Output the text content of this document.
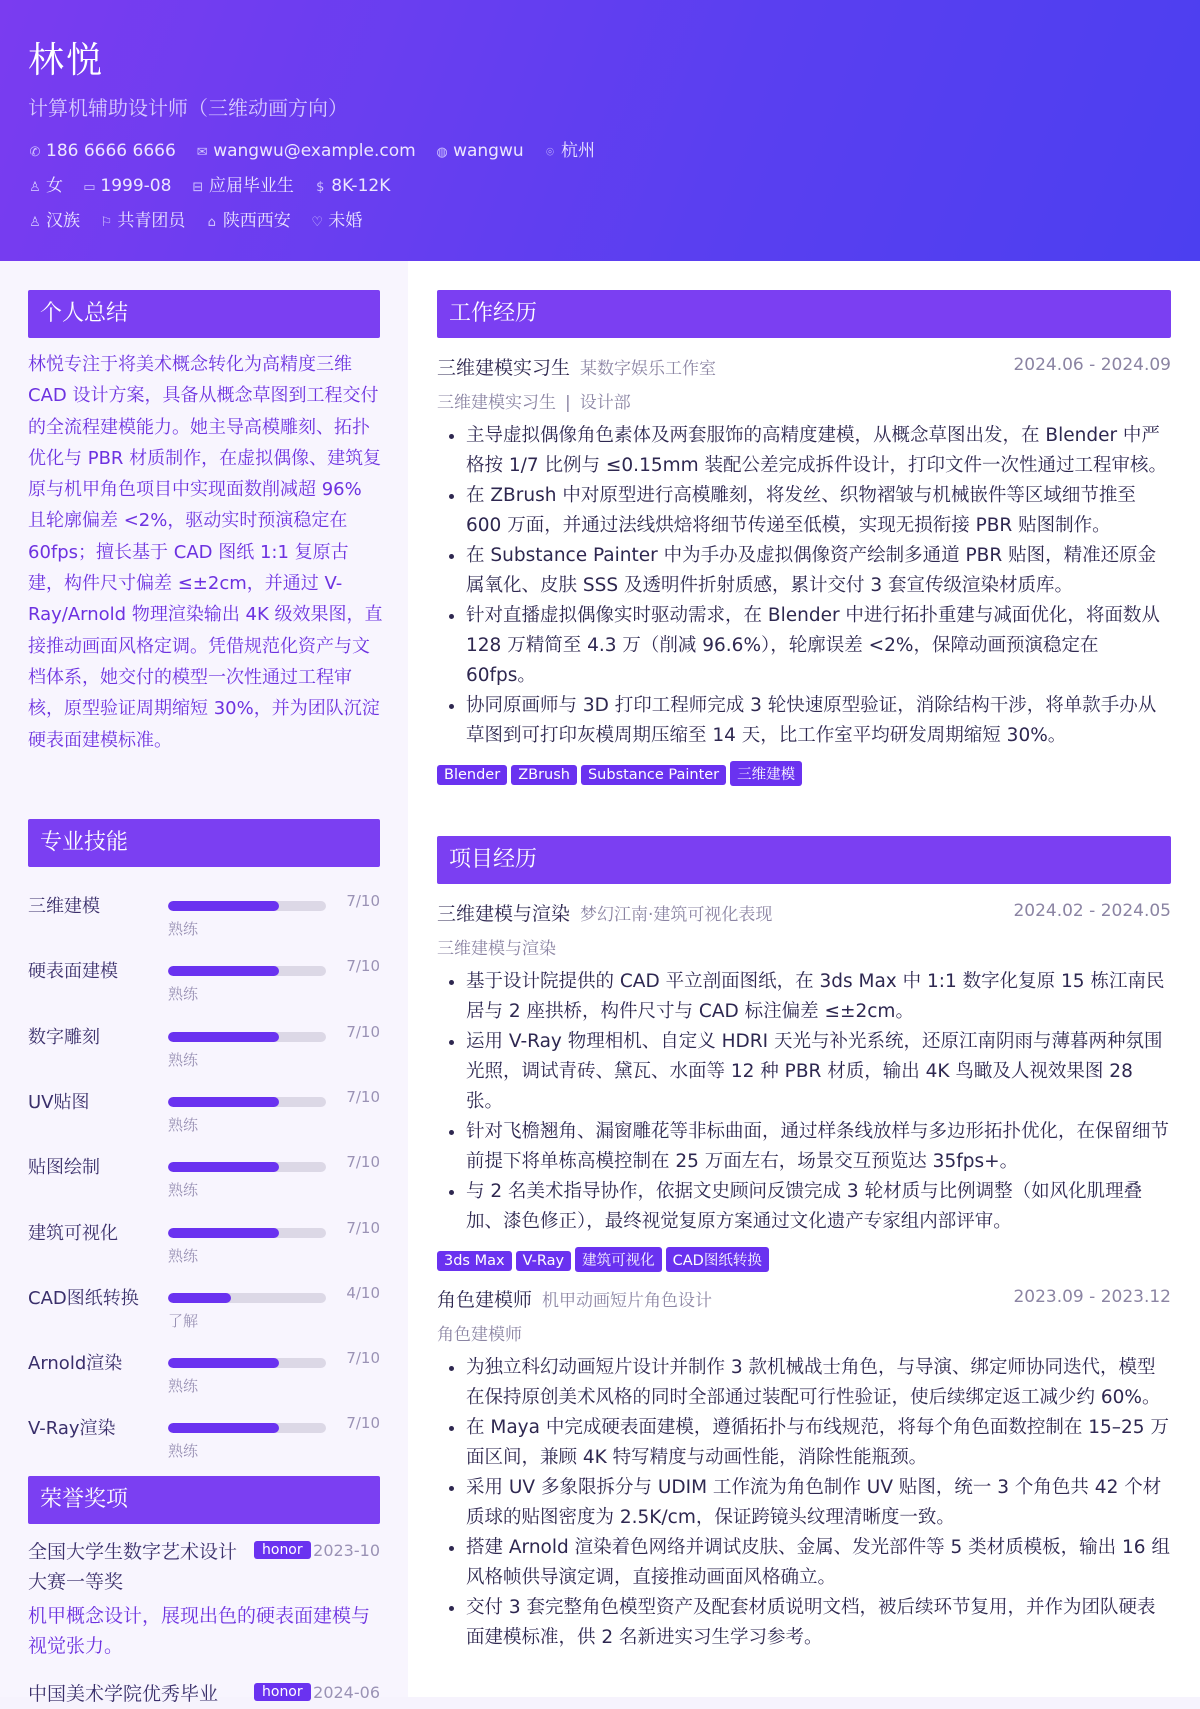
林悦
计算机辅助设计师（三维动画方向）
✆ 186 6666 6666 ✉ wangwu@example.com ◍ wangwu ⌾ 杭州
♙ 女 ▭ 1999-08 ⊟ 应届毕业生 $ 8K-12K
♙ 汉族 ⚐ 共青团员 ⌂ 陕西西安 ♡ 未婚
个人总结
林悦专注于将美术概念转化为高精度三维 CAD 设计方案，具备从概念草图到工程交付的全流程建模能力。她主导高模雕刻、拓扑优化与 PBR 材质制作，在虚拟偶像、建筑复原与机甲角色项目中实现面数削减超 96% 且轮廓偏差 <2%，驱动实时预演稳定在 60fps；擅长基于 CAD 图纸 1:1 复原古建，构件尺寸偏差 ≤±2cm，并通过 V-Ray/Arnold 物理渲染输出 4K 级效果图，直接推动画面风格定调。凭借规范化资产与文档体系，她交付的模型一次性通过工程审核，原型验证周期缩短 30%，并为团队沉淀硬表面建模标准。
专业技能
三维建模	7/10
熟练
硬表面建模	7/10
熟练
数字雕刻	7/10
熟练
UV贴图	7/10
熟练
贴图绘制	7/10
熟练
建筑可视化	7/10
熟练
CAD图纸转换	4/10
了解
Arnold渲染	7/10
熟练
V-Ray渲染	7/10
熟练
荣誉奖项
全国大学生数字艺术设计大赛一等奖
honor 2023-10
机甲概念设计，展现出色的硬表面建模与视觉张力。
中国美术学院优秀毕业	honor 2024-06
工作经历
三维建模实习生 某数字娱乐工作室	2024.06 - 2024.09
三维建模实习生 | 设计部
• 主导虚拟偶像角色素体及两套服饰的高精度建模，从概念草图出发，在 Blender 中严格按 1/7 比例与 ≤0.15mm 装配公差完成拆件设计，打印文件一次性通过工程审核。
• 在 ZBrush 中对原型进行高模雕刻，将发丝、织物褶皱与机械嵌件等区域细节推至 600 万面，并通过法线烘焙将细节传递至低模，实现无损衔接 PBR 贴图制作。
• 在 Substance Painter 中为手办及虚拟偶像资产绘制多通道 PBR 贴图，精准还原金属氧化、皮肤 SSS 及透明件折射质感，累计交付 3 套宣传级渲染材质库。
• 针对直播虚拟偶像实时驱动需求，在 Blender 中进行拓扑重建与减面优化，将面数从 128 万精简至 4.3 万（削减 96.6%），轮廓误差 <2%，保障动画预演稳定在 60fps。
• 协同原画师与 3D 打印工程师完成 3 轮快速原型验证，消除结构干涉，将单款手办从草图到可打印灰模周期压缩至 14 天，比工作室平均研发周期缩短 30%。
Blender ZBrush Substance Painter 三维建模
项目经历
三维建模与渲染 梦幻江南·建筑可视化表现	2024.02 - 2024.05
三维建模与渲染
• 基于设计院提供的 CAD 平立剖面图纸，在 3ds Max 中 1:1 数字化复原 15 栋江南民居与 2 座拱桥，构件尺寸与 CAD 标注偏差 ≤±2cm。
• 运用 V-Ray 物理相机、自定义 HDRI 天光与补光系统，还原江南阴雨与薄暮两种氛围光照，调试青砖、黛瓦、水面等 12 种 PBR 材质，输出 4K 鸟瞰及人视效果图 28 张。
• 针对飞檐翘角、漏窗雕花等非标曲面，通过样条线放样与多边形拓扑优化，在保留细节前提下将单栋高模控制在 25 万面左右，场景交互预览达 35fps+。
• 与 2 名美术指导协作，依据文史顾问反馈完成 3 轮材质与比例调整（如风化肌理叠加、漆色修正），最终视觉复原方案通过文化遗产专家组内部评审。
3ds Max V-Ray 建筑可视化 CAD图纸转换
角色建模师 机甲动画短片角色设计	2023.09 - 2023.12
角色建模师
• 为独立科幻动画短片设计并制作 3 款机械战士角色，与导演、绑定师协同迭代，模型在保持原创美术风格的同时全部通过装配可行性验证，使后续绑定返工减少约 60%。
• 在 Maya 中完成硬表面建模，遵循拓扑与布线规范，将每个角色面数控制在 15–25 万面区间，兼顾 4K 特写精度与动画性能，消除性能瓶颈。
• 采用 UV 多象限拆分与 UDIM 工作流为角色制作 UV 贴图，统一 3 个角色共 42 个材质球的贴图密度为 2.5K/cm，保证跨镜头纹理清晰度一致。
• 搭建 Arnold 渲染着色网络并调试皮肤、金属、发光部件等 5 类材质模板，输出 16 组风格帧供导演定调，直接推动画面风格确立。
• 交付 3 套完整角色模型资产及配套材质说明文档，被后续环节复用，并作为团队硬表面建模标准，供 2 名新进实习生学习参考。
